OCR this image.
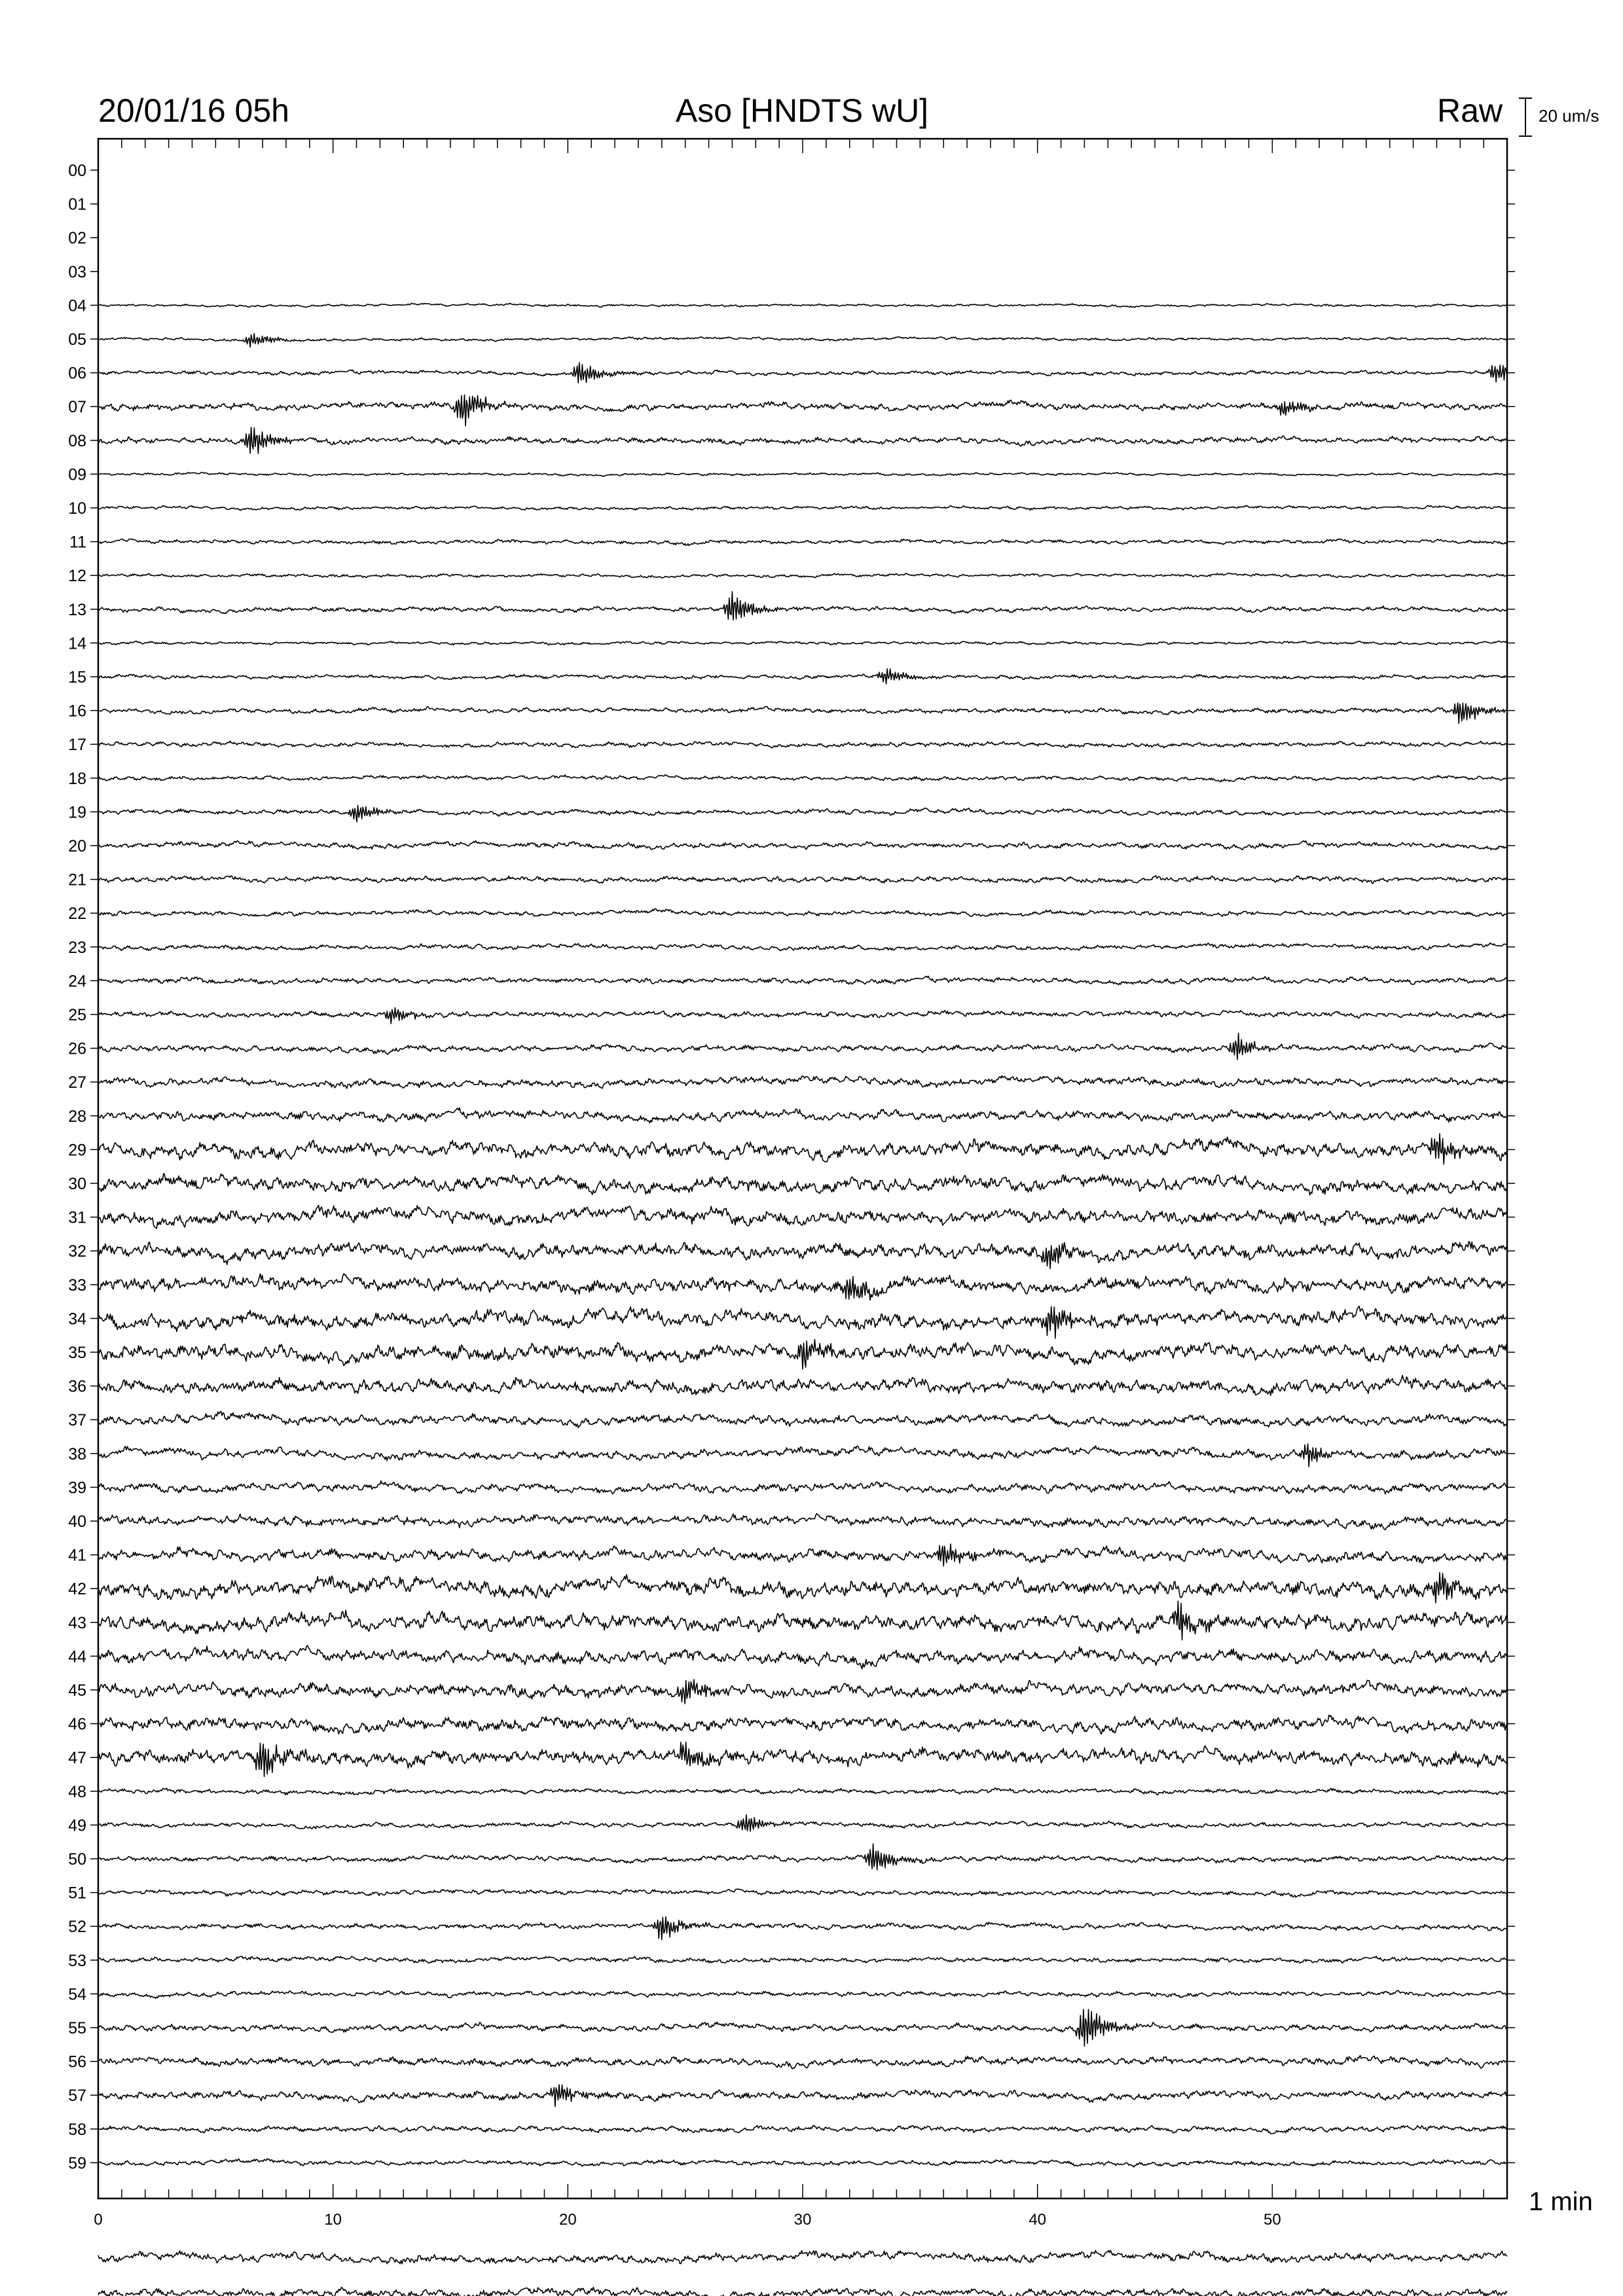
20/01/16 05h	Aso [HNDTS wU]	Raw 20 um/s
1 min
0	10	20	30	40	50
00
01
02
03
04
05
06
07
08
09
10
11
12
13
14
15
16
17
18
19
20
21
22
23
24
25
26
27
28
29
30
31
32
33
34
35
36
37
38
39
40
41
42
43
44
45
46
47
48
49
50
51
52
53
54
55
56
57
58
59
